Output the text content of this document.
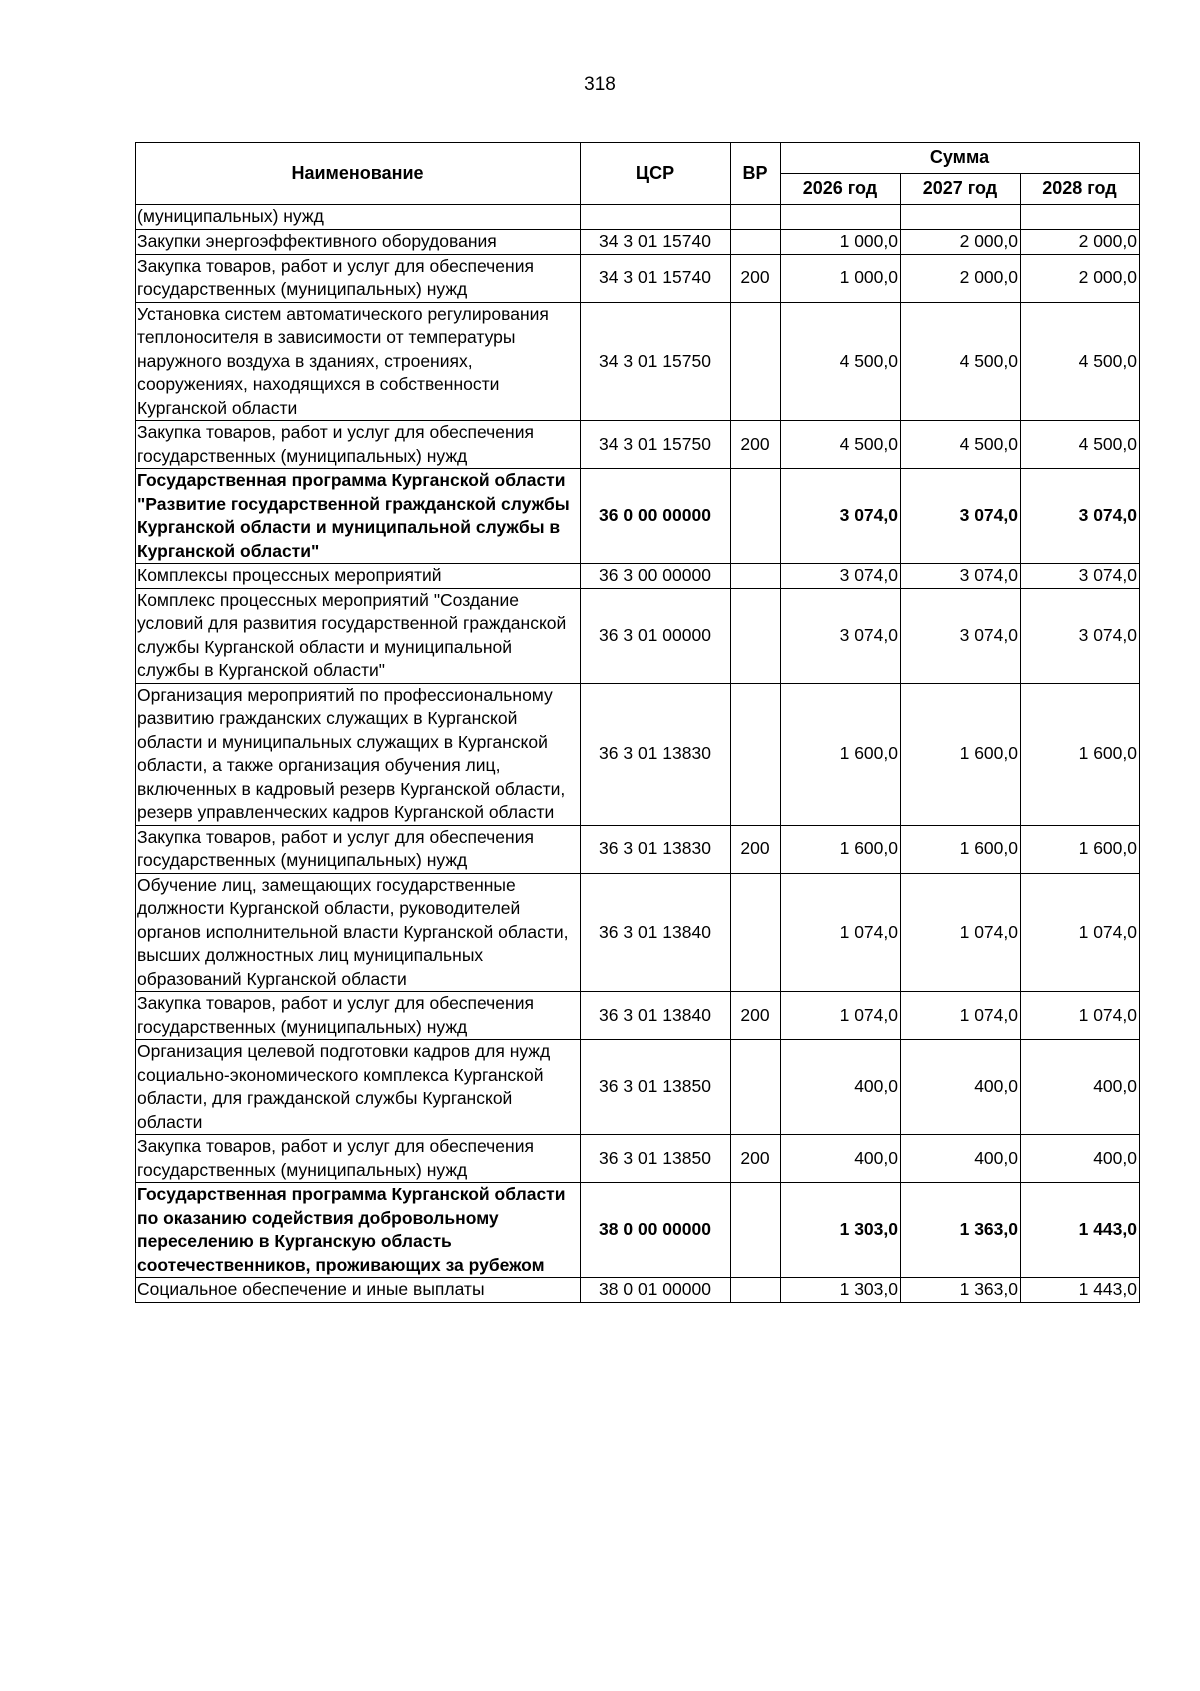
318
Наименование	ЦСР	ВР	Сумма		
			2026 год	2027 год	2028 год
(муниципальных) нужд					
Закупки энергоэффективного оборудования	34 3 01 15740		1 000,0	2 000,0	2 000,0
Закупка товаров, работ и услуг для обеспечения государственных (муниципальных) нужд	34 3 01 15740	200	1 000,0	2 000,0	2 000,0
Установка систем автоматического регулирования теплоносителя в зависимости от температуры наружного воздуха в зданиях, строениях, сооружениях, находящихся в собственности Курганской области	34 3 01 15750		4 500,0	4 500,0	4 500,0
Закупка товаров, работ и услуг для обеспечения государственных (муниципальных) нужд	34 3 01 15750	200	4 500,0	4 500,0	4 500,0
Государственная программа Курганской области "Развитие государственной гражданской службы Курганской области и муниципальной службы в Курганской области"	36 0 00 00000		3 074,0	3 074,0	3 074,0
Комплексы процессных мероприятий	36 3 00 00000		3 074,0	3 074,0	3 074,0
Комплекс процессных мероприятий "Создание условий для развития государственной гражданской службы Курганской области и муниципальной службы в Курганской области"	36 3 01 00000		3 074,0	3 074,0	3 074,0
Организация мероприятий по профессиональному развитию гражданских служащих в Курганской области и муниципальных служащих в Курганской области, а также организация обучения лиц, включенных в кадровый резерв Курганской области, резерв управленческих кадров Курганской области	36 3 01 13830		1 600,0	1 600,0	1 600,0
Закупка товаров, работ и услуг для обеспечения государственных (муниципальных) нужд	36 3 01 13830	200	1 600,0	1 600,0	1 600,0
Обучение лиц, замещающих государственные должности Курганской области, руководителей органов исполнительной власти Курганской области, высших должностных лиц муниципальных образований Курганской области	36 3 01 13840		1 074,0	1 074,0	1 074,0
Закупка товаров, работ и услуг для обеспечения государственных (муниципальных) нужд	36 3 01 13840	200	1 074,0	1 074,0	1 074,0
Организация целевой подготовки кадров для нужд социально-экономического комплекса Курганской области, для гражданской службы Курганской области	36 3 01 13850		400,0	400,0	400,0
Закупка товаров, работ и услуг для обеспечения государственных (муниципальных) нужд	36 3 01 13850	200	400,0	400,0	400,0
Государственная программа Курганской области по оказанию содействия добровольному переселению в Курганскую область соотечественников, проживающих за рубежом	38 0 00 00000		1 303,0	1 363,0	1 443,0
Социальное обеспечение и иные выплаты	38 0 01 00000		1 303,0	1 363,0	1 443,0
